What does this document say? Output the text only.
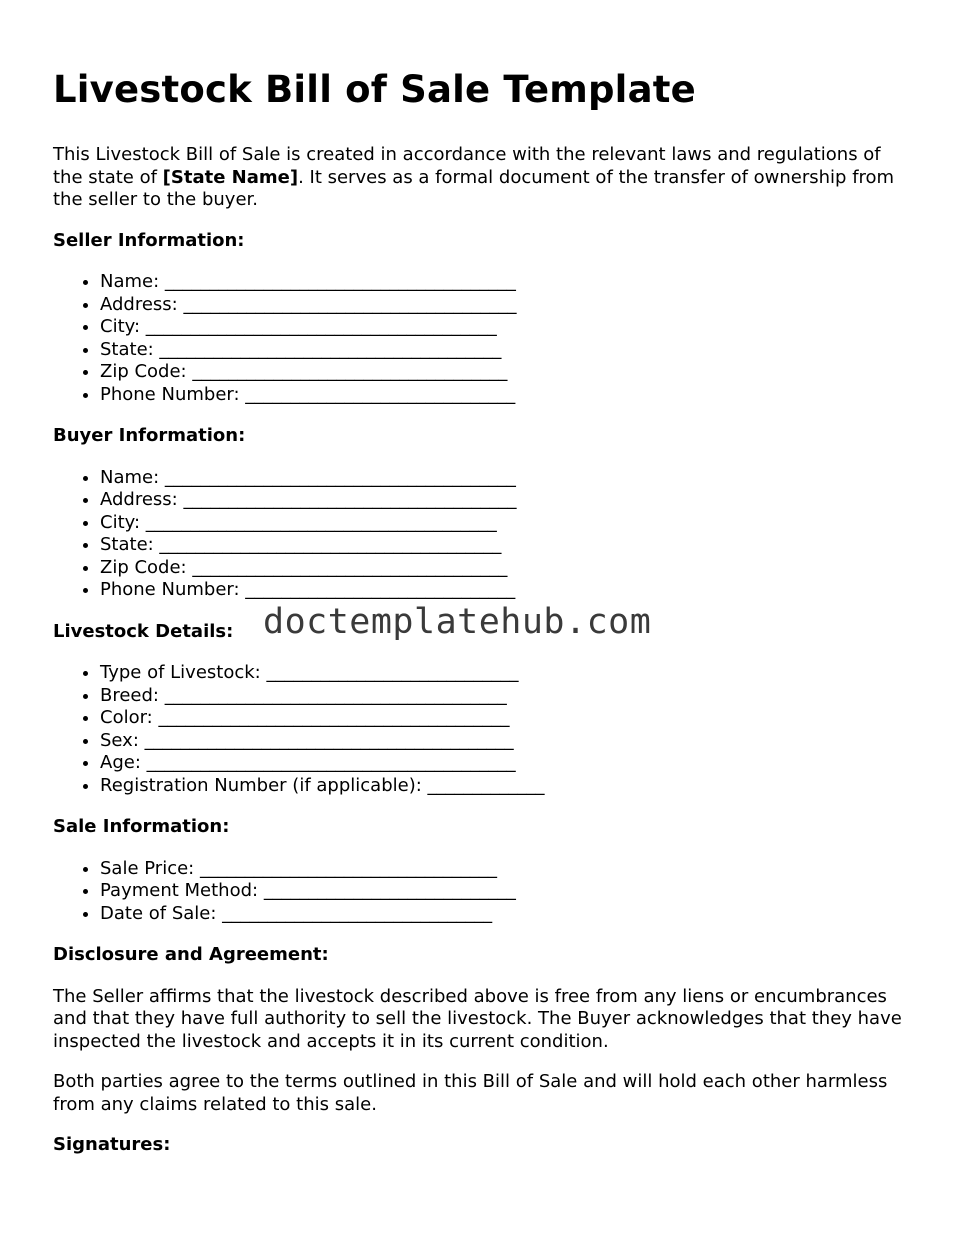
Livestock Bill of Sale Template

This Livestock Bill of Sale is created in accordance with the relevant laws and regulations of the state of [State Name]. It serves as a formal document of the transfer of ownership from the seller to the buyer.

Seller Information:
• Name: _______________________________________
• Address: _____________________________________
• City: _______________________________________
• State: ______________________________________
• Zip Code: ___________________________________
• Phone Number: ______________________________
Buyer Information:
• Name: _______________________________________
• Address: _____________________________________
• City: _______________________________________
• State: ______________________________________
• Zip Code: ___________________________________
• Phone Number: ______________________________
Livestock Details:
• Type of Livestock: ____________________________
• Breed: ______________________________________
• Color: _______________________________________
• Sex: _________________________________________
• Age: _________________________________________
• Registration Number (if applicable): _____________
Sale Information:
• Sale Price: _________________________________
• Payment Method: ____________________________
• Date of Sale: ______________________________
Disclosure and Agreement:

The Seller affirms that the livestock described above is free from any liens or encumbrances and that they have full authority to sell the livestock. The Buyer acknowledges that they have inspected the livestock and accepts it in its current condition.

Both parties agree to the terms outlined in this Bill of Sale and will hold each other harmless from any claims related to this sale.

Signatures:
doctemplatehub.com
